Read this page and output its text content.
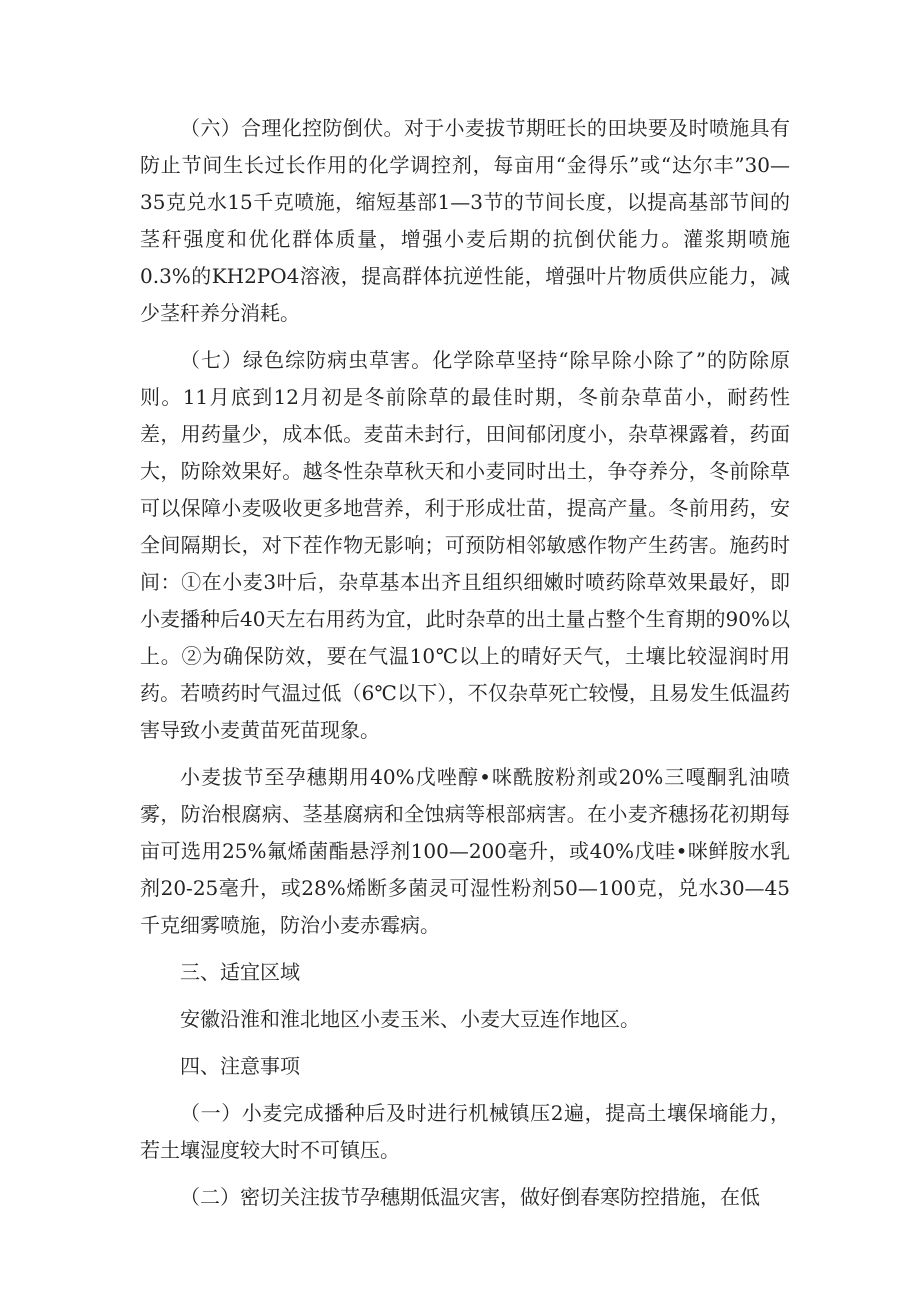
（六）合理化控防倒伏。对于小麦拔节期旺长的田块要及时喷施具有防止节间生长过长作用的化学调控剂，每亩用“金得乐”或“达尔丰”30—35克兑水15千克喷施，缩短基部1—3节的节间长度，以提高基部节间的茎秆强度和优化群体质量，增强小麦后期的抗倒伏能力。灌浆期喷施0.3%的KH2PO4溶液，提高群体抗逆性能，增强叶片物质供应能力，减少茎秆养分消耗。

（七）绿色综防病虫草害。化学除草坚持“除早除小除了”的防除原则。11月底到12月初是冬前除草的最佳时期，冬前杂草苗小，耐药性差，用药量少，成本低。麦苗未封行，田间郁闭度小，杂草裸露着，药面大，防除效果好。越冬性杂草秋天和小麦同时出土，争夺养分，冬前除草可以保障小麦吸收更多地营养，利于形成壮苗，提高产量。冬前用药，安全间隔期长，对下茬作物无影响；可预防相邻敏感作物产生药害。施药时间：①在小麦3叶后，杂草基本出齐且组织细嫩时喷药除草效果最好，即小麦播种后40天左右用药为宜，此时杂草的出土量占整个生育期的90%以上。②为确保防效，要在气温10℃以上的晴好天气，土壤比较湿润时用药。若喷药时气温过低（6℃以下），不仅杂草死亡较慢，且易发生低温药害导致小麦黄苗死苗现象。

小麦拔节至孕穗期用40%戊唑醇•咪酰胺粉剂或20%三嘎酮乳油喷雾，防治根腐病、茎基腐病和全蚀病等根部病害。在小麦齐穗扬花初期每亩可选用25%氟烯菌酯悬浮剂100—200毫升，或40%戊哇•咪鲜胺水乳剂20-25毫升，或28%烯断多菌灵可湿性粉剂50—100克，兑水30—45千克细雾喷施，防治小麦赤霉病。

三、适宜区域

安徽沿淮和淮北地区小麦玉米、小麦大豆连作地区。

四、注意事项

（一）小麦完成播种后及时进行机械镇压2遍，提高土壤保墒能力，若土壤湿度较大时不可镇压。

（二）密切关注拔节孕穗期低温灾害，做好倒春寒防控措施，在低
